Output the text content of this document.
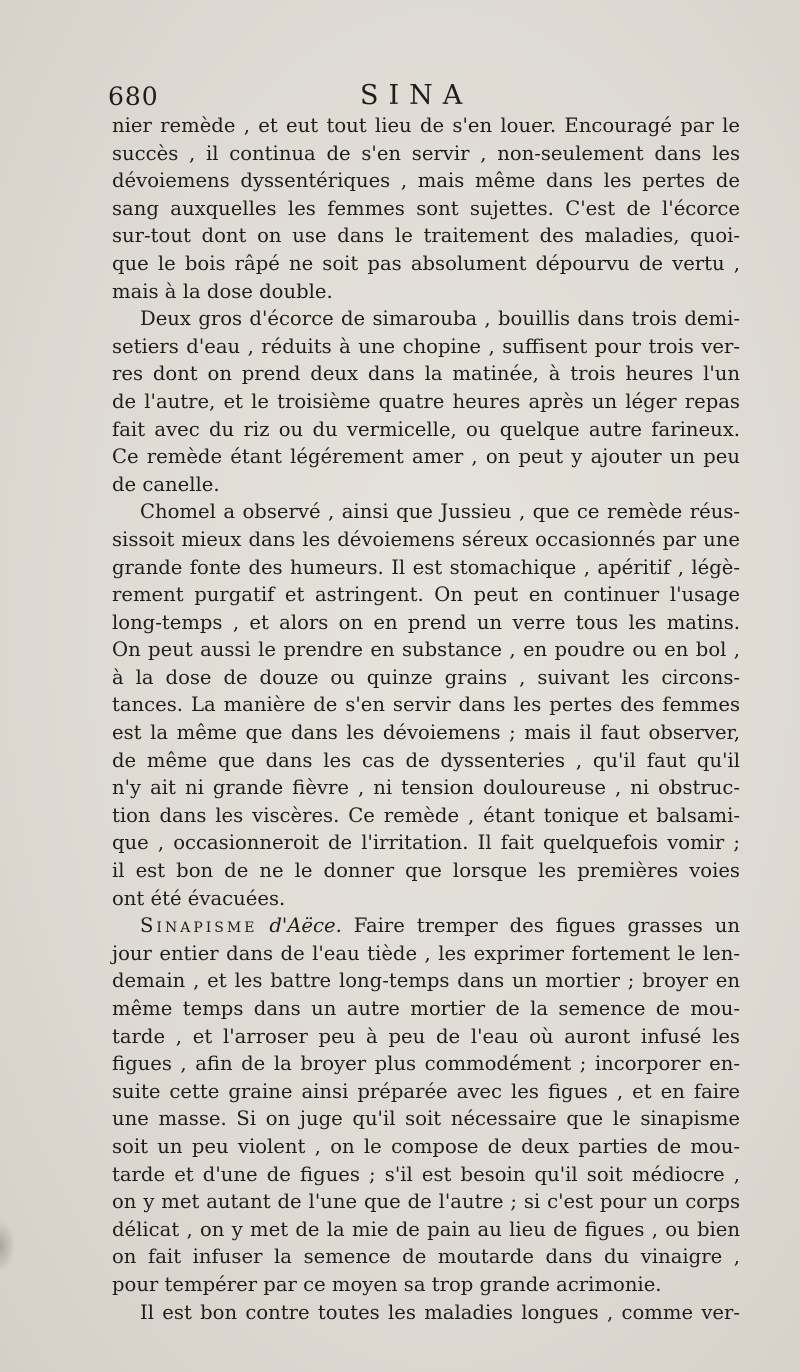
680	SINA
nier remède , et eut tout lieu de s'en louer. Encouragé par le
succès , il continua de s'en servir , non-seulement dans les
dévoiemens dyssentériques , mais même dans les pertes de
sang auxquelles les femmes sont sujettes. C'est de l'écorce
sur-tout dont on use dans le traitement des maladies, quoi-
que le bois râpé ne soit pas absolument dépourvu de vertu ,
mais à la dose double.
Deux gros d'écorce de simarouba , bouillis dans trois demi-
setiers d'eau , réduits à une chopine , suffisent pour trois ver-
res dont on prend deux dans la matinée, à trois heures l'un
de l'autre, et le troisième quatre heures après un léger repas
fait avec du riz ou du vermicelle, ou quelque autre farineux.
Ce remède étant légérement amer , on peut y ajouter un peu
de canelle.
Chomel a observé , ainsi que Jussieu , que ce remède réus-
sissoit mieux dans les dévoiemens séreux occasionnés par une
grande fonte des humeurs. Il est stomachique , apéritif , légè-
rement purgatif et astringent. On peut en continuer l'usage
long-temps , et alors on en prend un verre tous les matins.
On peut aussi le prendre en substance , en poudre ou en bol ,
à la dose de douze ou quinze grains , suivant les circons-
tances. La manière de s'en servir dans les pertes des femmes
est la même que dans les dévoiemens ; mais il faut observer,
de même que dans les cas de dyssenteries , qu'il faut qu'il
n'y ait ni grande fièvre , ni tension douloureuse , ni obstruc-
tion dans les viscères. Ce remède , étant tonique et balsami-
que , occasionneroit de l'irritation. Il fait quelquefois vomir ;
il est bon de ne le donner que lorsque les premières voies
ont été évacuées.
Sinapisme d'Aëce. Faire tremper des figues grasses un
jour entier dans de l'eau tiède , les exprimer fortement le len-
demain , et les battre long-temps dans un mortier ; broyer en
même temps dans un autre mortier de la semence de mou-
tarde , et l'arroser peu à peu de l'eau où auront infusé les
figues , afin de la broyer plus commodément ; incorporer en-
suite cette graine ainsi préparée avec les figues , et en faire
une masse. Si on juge qu'il soit nécessaire que le sinapisme
soit un peu violent , on le compose de deux parties de mou-
tarde et d'une de figues ; s'il est besoin qu'il soit médiocre ,
on y met autant de l'une que de l'autre ; si c'est pour un corps
délicat , on y met de la mie de pain au lieu de figues , ou bien
on fait infuser la semence de moutarde dans du vinaigre ,
pour tempérer par ce moyen sa trop grande acrimonie.
Il est bon contre toutes les maladies longues , comme ver-
